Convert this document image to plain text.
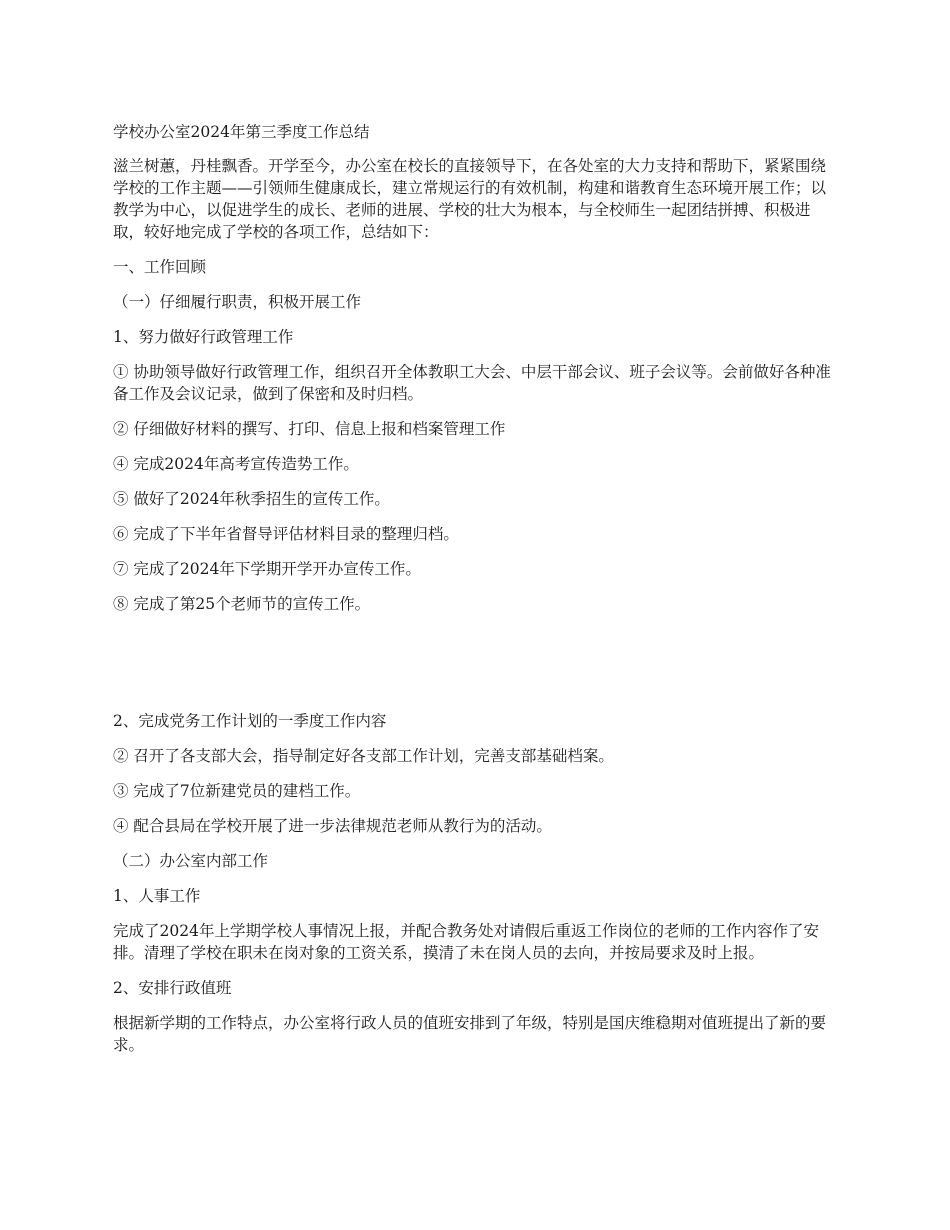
学校办公室2024年第三季度工作总结

滋兰树蕙，丹桂飘香。开学至今，办公室在校长的直接领导下，在各处室的大力支持和帮助下，紧紧围绕学校的工作主题——引领师生健康成长，建立常规运行的有效机制，构建和谐教育生态环境开展工作；以教学为中心，以促进学生的成长、老师的进展、学校的壮大为根本，与全校师生一起团结拼搏、积极进取，较好地完成了学校的各项工作，总结如下：

一、工作回顾

（一）仔细履行职责，积极开展工作

1、努力做好行政管理工作

① 协助领导做好行政管理工作，组织召开全体教职工大会、中层干部会议、班子会议等。会前做好各种准备工作及会议记录，做到了保密和及时归档。

② 仔细做好材料的撰写、打印、信息上报和档案管理工作

④ 完成2024年高考宣传造势工作。

⑤ 做好了2024年秋季招生的宣传工作。

⑥ 完成了下半年省督导评估材料目录的整理归档。

⑦ 完成了2024年下学期开学开办宣传工作。

⑧ 完成了第25个老师节的宣传工作。

2、完成党务工作计划的一季度工作内容

② 召开了各支部大会，指导制定好各支部工作计划，完善支部基础档案。

③ 完成了7位新建党员的建档工作。

④ 配合县局在学校开展了进一步法律规范老师从教行为的活动。

（二）办公室内部工作

1、人事工作

完成了2024年上学期学校人事情况上报，并配合教务处对请假后重返工作岗位的老师的工作内容作了安排。清理了学校在职未在岗对象的工资关系，摸清了未在岗人员的去向，并按局要求及时上报。

2、安排行政值班

根据新学期的工作特点，办公室将行政人员的值班安排到了年级，特别是国庆维稳期对值班提出了新的要求。
